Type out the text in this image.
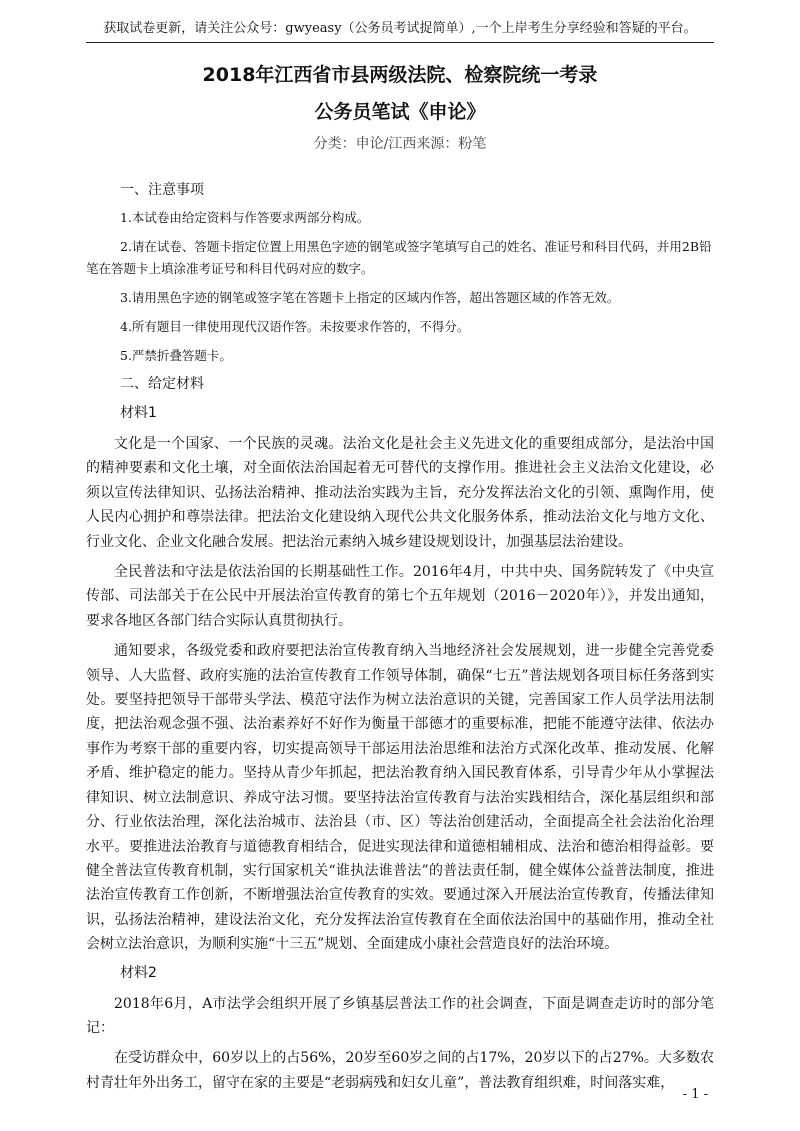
获取试卷更新，请关注公众号：gwyeasy（公务员考试捉简单）,一个上岸考生分享经验和答疑的平台。
2018年江西省市县两级法院、检察院统一考录
公务员笔试《申论》
分类：申论/江西来源：粉笔
一、注意事项

1.本试卷由给定资料与作答要求两部分构成。

2.请在试卷、答题卡指定位置上用黑色字迹的钢笔或签字笔填写自己的姓名、准证号和科目代码，并用2B铅笔在答题卡上填涂准考证号和科目代码对应的数字。

3.请用黑色字迹的钢笔或签字笔在答题卡上指定的区域内作答，超出答题区域的作答无效。

4.所有题目一律使用现代汉语作答。未按要求作答的，不得分。

5.严禁折叠答题卡。

二、给定材料
材料1

文化是一个国家、一个民族的灵魂。法治文化是社会主义先进文化的重要组成部分，是法治中国的精神要素和文化土壤，对全面依法治国起着无可替代的支撑作用。推进社会主义法治文化建设，必须以宣传法律知识、弘扬法治精神、推动法治实践为主旨，充分发挥法治文化的引领、熏陶作用，使人民内心拥护和尊崇法律。把法治文化建设纳入现代公共文化服务体系，推动法治文化与地方文化、行业文化、企业文化融合发展。把法治元素纳入城乡建设规划设计，加强基层法治建设。

全民普法和守法是依法治国的长期基础性工作。2016年4月，中共中央、国务院转发了《中央宣传部、司法部关于在公民中开展法治宣传教育的第七个五年规划（2016－2020年）》，并发出通知，要求各地区各部门结合实际认真贯彻执行。

通知要求，各级党委和政府要把法治宣传教育纳入当地经济社会发展规划，进一步健全完善党委领导、人大监督、政府实施的法治宣传教育工作领导体制，确保“七五”普法规划各项目标任务落到实处。要坚持把领导干部带头学法、模范守法作为树立法治意识的关键，完善国家工作人员学法用法制度，把法治观念强不强、法治素养好不好作为衡量干部德才的重要标准，把能不能遵守法律、依法办事作为考察干部的重要内容，切实提高领导干部运用法治思维和法治方式深化改革、推动发展、化解矛盾、维护稳定的能力。坚持从青少年抓起，把法治教育纳入国民教育体系，引导青少年从小掌握法律知识、树立法制意识、养成守法习惯。要坚持法治宣传教育与法治实践相结合，深化基层组织和部分、行业依法治理，深化法治城市、法治县（市、区）等法治创建活动，全面提高全社会法治化治理水平。要推进法治教育与道德教育相结合，促进实现法律和道德相辅相成、法治和德治相得益彰。要健全普法宣传教育机制，实行国家机关“谁执法谁普法”的普法责任制，健全媒体公益普法制度，推进法治宣传教育工作创新，不断增强法治宣传教育的实效。要通过深入开展法治宣传教育，传播法律知识，弘扬法治精神，建设法治文化，充分发挥法治宣传教育在全面依法治国中的基础作用，推动全社会树立法治意识，为顺利实施“十三五”规划、全面建成小康社会营造良好的法治环境。

材料2

2018年6月，A市法学会组织开展了乡镇基层普法工作的社会调查，下面是调查走访时的部分笔记：

在受访群众中，60岁以上的占56%，20岁至60岁之间的占17%，20岁以下的占27%。大多数农村青壮年外出务工，留守在家的主要是“老弱病残和妇女儿童”，普法教育组织难，时间落实难，

- 1 -
